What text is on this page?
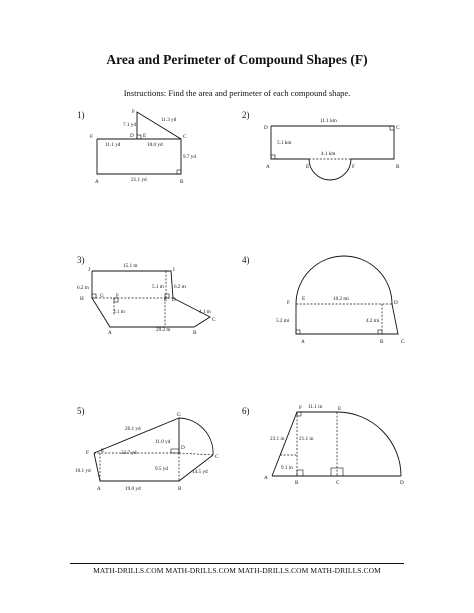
Area and Perimeter of Compound Shapes (F)
Instructions: Find the area and perimeter of each compound shape.
1)	2)
3)	4)
5)	6)
F
D	C
F	E
A	B
11.3 yd
7.1 yd
11.1 yd	10.0 yd
9.7 yd
21.1 yd
D	C
A	E	F	B
11.1 km
5.1 km
4.1 km
J	I
H	G F
E D
C
A	B
15.1 m
6.2 m	5.1 m 6.2 m
3.1 m	4.1 m
20.2 m
F
E
D
A	B	C
10.2 mi
5.2 mi	4.2 mi
G
F
D
C
E
A	B
26.1 yd
11.0 yd
23.7 yd
9.5 yd
10.1 yd	14.5 yd
19.0 yd
F	E
A
B	C	D
11.1 in
23.1 in	21.1 in
9.1 in
MATH-DRILLS.COM MATH-DRILLS.COM MATH-DRILLS.COM MATH-DRILLS.COM
